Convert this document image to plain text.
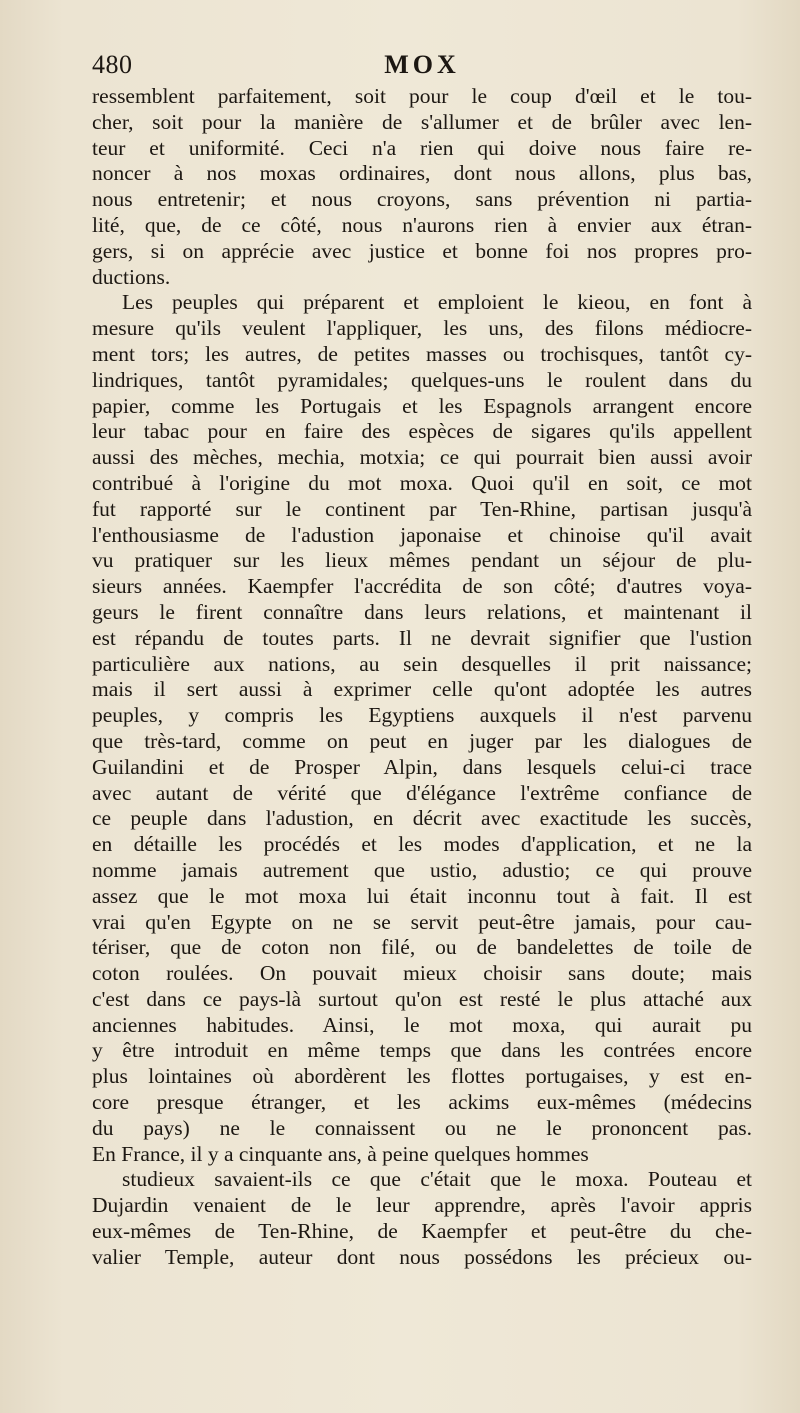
480	MOX
ressemblent parfaitement, soit pour le coup d'œil et le tou-
cher, soit pour la manière de s'allumer et de brûler avec len-
teur et uniformité. Ceci n'a rien qui doive nous faire re-
noncer à nos moxas ordinaires, dont nous allons, plus bas,
nous entretenir; et nous croyons, sans prévention ni partia-
lité, que, de ce côté, nous n'aurons rien à envier aux étran-
gers, si on apprécie avec justice et bonne foi nos propres pro-
ductions.
Les peuples qui préparent et emploient le kieou, en font à
mesure qu'ils veulent l'appliquer, les uns, des filons médiocre-
ment tors; les autres, de petites masses ou trochisques, tantôt cy-
lindriques, tantôt pyramidales; quelques-uns le roulent dans du
papier, comme les Portugais et les Espagnols arrangent encore
leur tabac pour en faire des espèces de sigares qu'ils appellent
aussi des mèches, mechia, motxia; ce qui pourrait bien aussi avoir
contribué à l'origine du mot moxa. Quoi qu'il en soit, ce mot
fut rapporté sur le continent par Ten-Rhine, partisan jusqu'à
l'enthousiasme de l'adustion japonaise et chinoise qu'il avait
vu pratiquer sur les lieux mêmes pendant un séjour de plu-
sieurs années. Kaempfer l'accrédita de son côté; d'autres voya-
geurs le firent connaître dans leurs relations, et maintenant il
est répandu de toutes parts. Il ne devrait signifier que l'ustion
particulière aux nations, au sein desquelles il prit naissance;
mais il sert aussi à exprimer celle qu'ont adoptée les autres
peuples, y compris les Egyptiens auxquels il n'est parvenu
que très-tard, comme on peut en juger par les dialogues de
Guilandini et de Prosper Alpin, dans lesquels celui-ci trace
avec autant de vérité que d'élégance l'extrême confiance de
ce peuple dans l'adustion, en décrit avec exactitude les succès,
en détaille les procédés et les modes d'application, et ne la
nomme jamais autrement que ustio, adustio; ce qui prouve
assez que le mot moxa lui était inconnu tout à fait. Il est
vrai qu'en Egypte on ne se servit peut-être jamais, pour cau-
tériser, que de coton non filé, ou de bandelettes de toile de
coton roulées. On pouvait mieux choisir sans doute; mais
c'est dans ce pays-là surtout qu'on est resté le plus attaché aux
anciennes habitudes. Ainsi, le mot moxa, qui aurait pu
y être introduit en même temps que dans les contrées encore
plus lointaines où abordèrent les flottes portugaises, y est en-
core presque étranger, et les ackims eux-mêmes (médecins
du pays) ne le connaissent ou ne le prononcent pas.
En France, il y a cinquante ans, à peine quelques hommes
studieux savaient-ils ce que c'était que le moxa. Pouteau et
Dujardin venaient de le leur apprendre, après l'avoir appris
eux-mêmes de Ten-Rhine, de Kaempfer et peut-être du che-
valier Temple, auteur dont nous possédons les précieux ou-
